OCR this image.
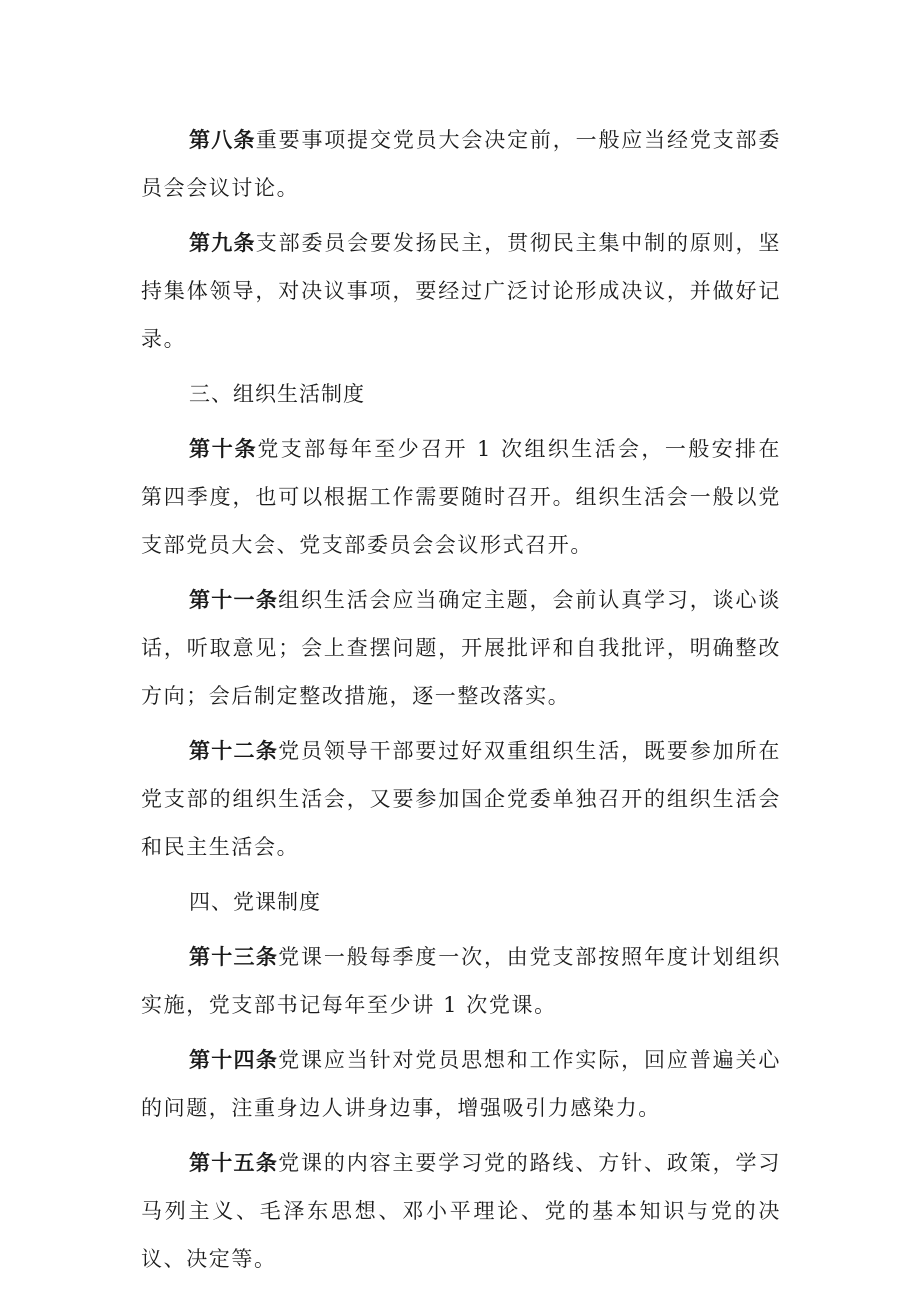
第八条重要事项提交党员大会决定前，一般应当经党支部委员会会议讨论。

第九条支部委员会要发扬民主，贯彻民主集中制的原则，坚持集体领导，对决议事项，要经过广泛讨论形成决议，并做好记录。

三、组织生活制度

第十条党支部每年至少召开 1 次组织生活会，一般安排在第四季度，也可以根据工作需要随时召开。组织生活会一般以党支部党员大会、党支部委员会会议形式召开。

第十一条组织生活会应当确定主题，会前认真学习，谈心谈话，听取意见；会上查摆问题，开展批评和自我批评，明确整改方向；会后制定整改措施，逐一整改落实。

第十二条党员领导干部要过好双重组织生活，既要参加所在党支部的组织生活会，又要参加国企党委单独召开的组织生活会和民主生活会。

四、党课制度

第十三条党课一般每季度一次，由党支部按照年度计划组织实施，党支部书记每年至少讲 1 次党课。

第十四条党课应当针对党员思想和工作实际，回应普遍关心的问题，注重身边人讲身边事，增强吸引力感染力。

第十五条党课的内容主要学习党的路线、方针、政策，学习马列主义、毛泽东思想、邓小平理论、党的基本知识与党的决议、决定等。
